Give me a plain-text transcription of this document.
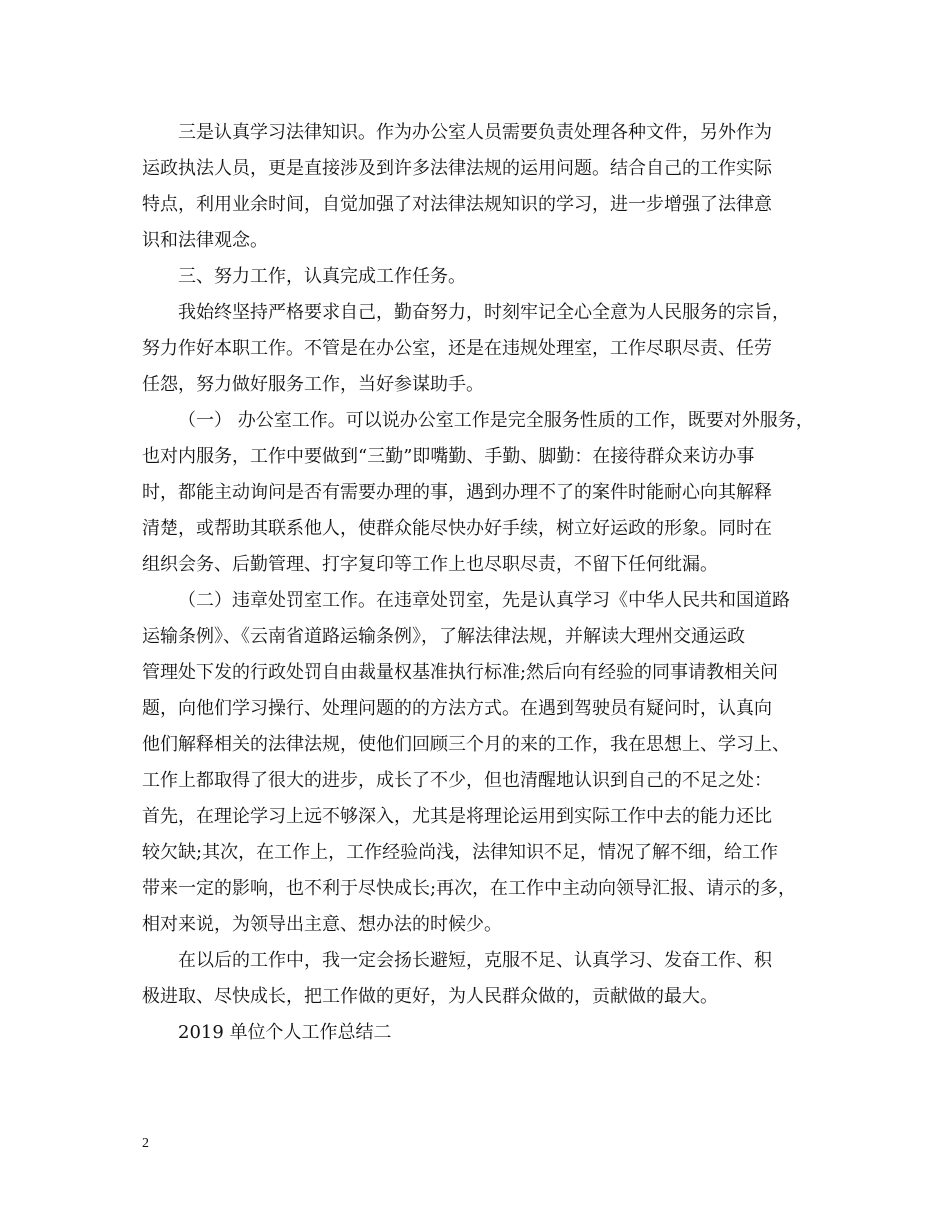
三是认真学习法律知识。作为办公室人员需要负责处理各种文件，另外作为
运政执法人员，更是直接涉及到许多法律法规的运用问题。结合自己的工作实际
特点，利用业余时间，自觉加强了对法律法规知识的学习，进一步增强了法律意
识和法律观念。
三、努力工作，认真完成工作任务。
我始终坚持严格要求自己，勤奋努力，时刻牢记全心全意为人民服务的宗旨，
努力作好本职工作。不管是在办公室，还是在违规处理室，工作尽职尽责、任劳
任怨，努力做好服务工作，当好参谋助手。
（一） 办公室工作。可以说办公室工作是完全服务性质的工作，既要对外服务，
也对内服务，工作中要做到“三勤”即嘴勤、手勤、脚勤：在接待群众来访办事
时，都能主动询问是否有需要办理的事，遇到办理不了的案件时能耐心向其解释
清楚，或帮助其联系他人，使群众能尽快办好手续，树立好运政的形象。同时在
组织会务、后勤管理、打字复印等工作上也尽职尽责，不留下任何纰漏。
（二）违章处罚室工作。在违章处罚室，先是认真学习《中华人民共和国道路
运输条例》、《云南省道路运输条例》，了解法律法规，并解读大理州交通运政
管理处下发的行政处罚自由裁量权基准执行标准;然后向有经验的同事请教相关问
题，向他们学习操行、处理问题的的方法方式。在遇到驾驶员有疑问时，认真向
他们解释相关的法律法规，使他们回顾三个月的来的工作，我在思想上、学习上、
工作上都取得了很大的进步，成长了不少，但也清醒地认识到自己的不足之处：
首先，在理论学习上远不够深入，尤其是将理论运用到实际工作中去的能力还比
较欠缺;其次，在工作上，工作经验尚浅，法律知识不足，情况了解不细，给工作
带来一定的影响，也不利于尽快成长;再次，在工作中主动向领导汇报、请示的多，
相对来说，为领导出主意、想办法的时候少。
在以后的工作中，我一定会扬长避短，克服不足、认真学习、发奋工作、积
极进取、尽快成长，把工作做的更好，为人民群众做的，贡献做的最大。
2019 单位个人工作总结二
2
